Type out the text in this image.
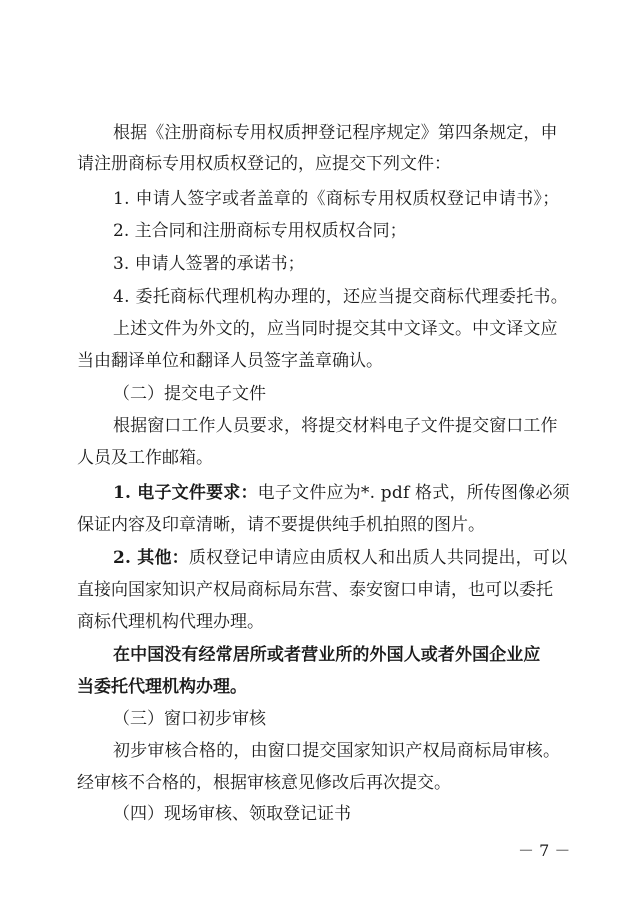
根据《注册商标专用权质押登记程序规定》第四条规定，申

请注册商标专用权质权登记的，应提交下列文件：

1. 申请人签字或者盖章的《商标专用权质权登记申请书》；

2. 主合同和注册商标专用权质权合同；

3. 申请人签署的承诺书；

4. 委托商标代理机构办理的，还应当提交商标代理委托书。

上述文件为外文的，应当同时提交其中文译文。中文译文应

当由翻译单位和翻译人员签字盖章确认。

（二）提交电子文件

根据窗口工作人员要求，将提交材料电子文件提交窗口工作

人员及工作邮箱。

1. 电子文件要求：电子文件应为*. pdf 格式，所传图像必须

保证内容及印章清晰，请不要提供纯手机拍照的图片。

2. 其他：质权登记申请应由质权人和出质人共同提出，可以

直接向国家知识产权局商标局东营、泰安窗口申请，也可以委托

商标代理机构代理办理。

在中国没有经常居所或者营业所的外国人或者外国企业应

当委托代理机构办理。

（三）窗口初步审核

初步审核合格的，由窗口提交国家知识产权局商标局审核。

经审核不合格的，根据审核意见修改后再次提交。

（四）现场审核、领取登记证书

－ 7 －
